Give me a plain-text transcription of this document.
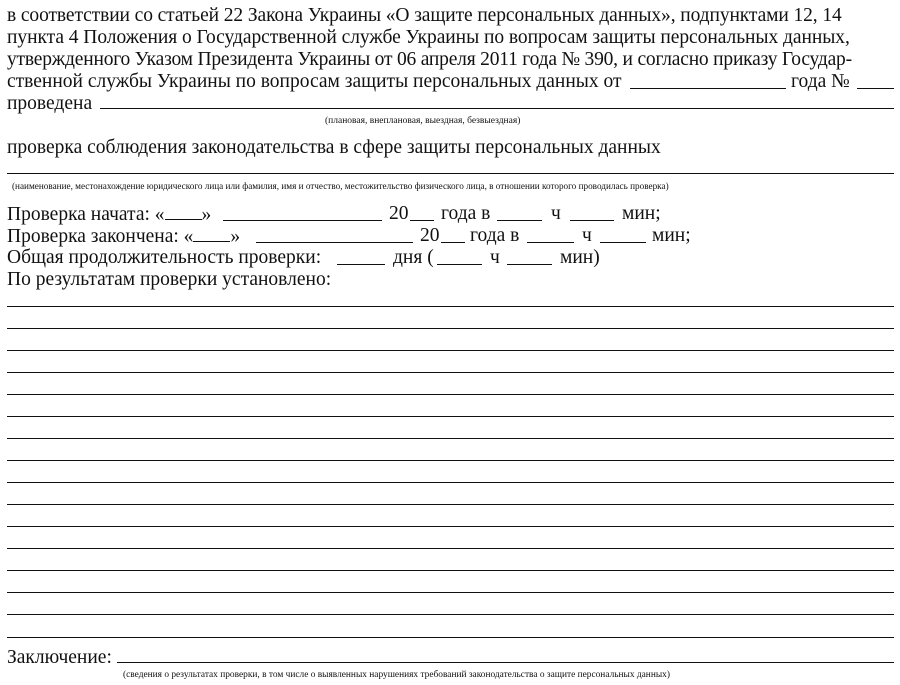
в соответствии со статьей 22 Закона Украины «О защите персональных данных», подпунктами 12, 14
пункта 4 Положения о Государственной службе Украины по вопросам защиты персональных данных,
утвержденного Указом Президента Украины от 06 апреля 2011 года № 390, и согласно приказу Государ-
ственной службы Украины по вопросам защиты персональных данных от	года №
проведена
(плановая, внеплановая, выездная, безвыездная)
проверка соблюдения законодательства в сфере защиты персональных данных
(наименование, местонахождение юридического лица или фамилия, имя и отчество, местожительство физического лица, в отношении которого проводилась проверка)
Проверка начата: « »	20 года в	ч	мин;
Проверка закончена: « »	20 года в	ч	мин;
Общая продолжительность проверки:	дня (	ч	мин)
По результатам проверки установлено:
Заключение:
(сведения о результатах проверки, в том числе о выявленных нарушениях требований законодательства о защите персональных данных)
